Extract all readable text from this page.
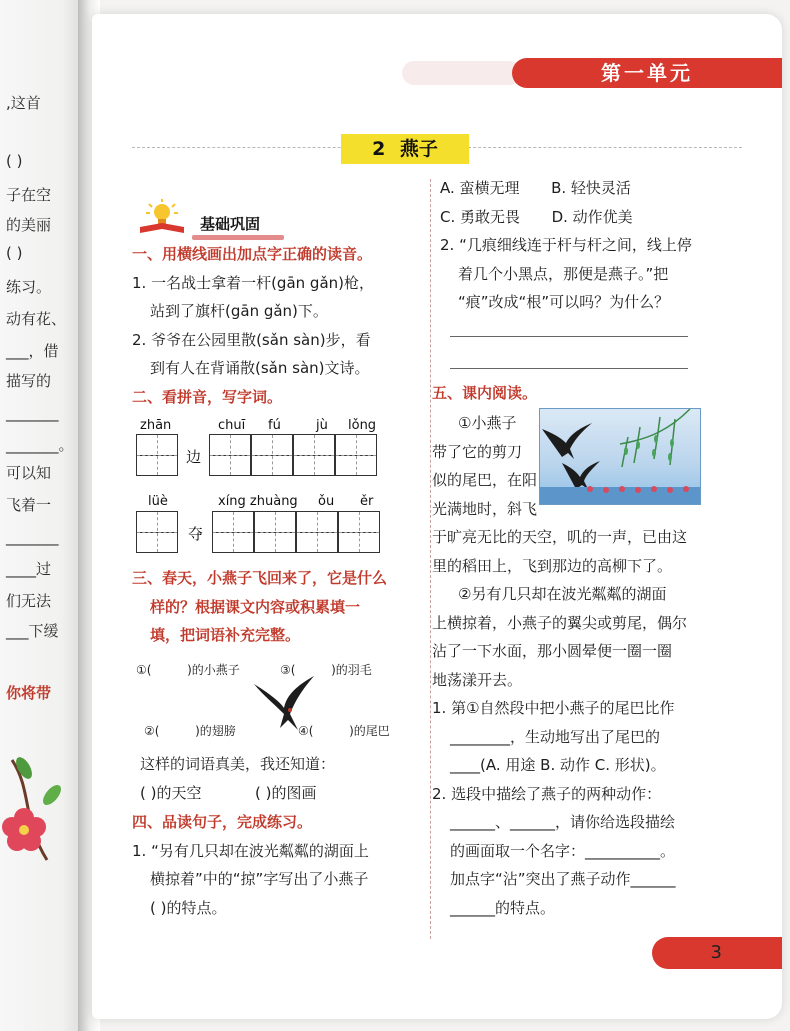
,这首
( )
子在空
的美丽
( )
练习。
动有花、
___，借
描写的
_______
_______。
可以知
飞着一
_______
____过
们无法
___下缓
你将带
第一单元
2 燕子
基础巩固
一、用横线画出加点字正确的读音。
1. 一名战士拿着一杆(gān gǎn)枪，
站到了旗杆(gān gǎn)下。
2. 爷爷在公园里散(sǎn sàn)步，看
到有人在背诵散(sǎn sàn)文诗。
二、看拼音，写字词。
zhān	chuī fú	jù lǒng
边
lüè	xíng zhuàng ǒu ěr
夺
三、春天，小燕子飞回来了，它是什么
样的？根据课文内容或积累填一
填，把词语补充完整。
①(	)的小燕子	③(	)的羽毛
②(	)的翅膀	④(	)的尾巴
这样的词语真美，我还知道：
( )的天空	( )的图画
四、品读句子，完成练习。
1. “另有几只却在波光粼粼的湖面上
横掠着”中的“掠”字写出了小燕子
( )的特点。
A. 蛮横无理 B. 轻快灵活
C. 勇敢无畏 D. 动作优美
2. “几痕细线连于杆与杆之间，线上停
着几个小黑点，那便是燕子。”把
“痕”改成“根”可以吗？为什么？
五、课内阅读。
①小燕子
带了它的剪刀
似的尾巴，在阳
光满地时，斜飞
于旷亮无比的天空，叽的一声，已由这
里的稻田上，飞到那边的高柳下了。
②另有几只却在波光粼粼的湖面
上横掠着，小燕子的翼尖或剪尾，偶尔
沾了一下水面，那小圆晕便一圈一圈
地荡漾开去。
1. 第①自然段中把小燕子的尾巴比作
________，生动地写出了尾巴的
____(A. 用途 B. 动作 C. 形状)。
2. 选段中描绘了燕子的两种动作：
______、______，请你给选段描绘
的画面取一个名字：__________。
加点字“沾”突出了燕子动作______
______的特点。
3
